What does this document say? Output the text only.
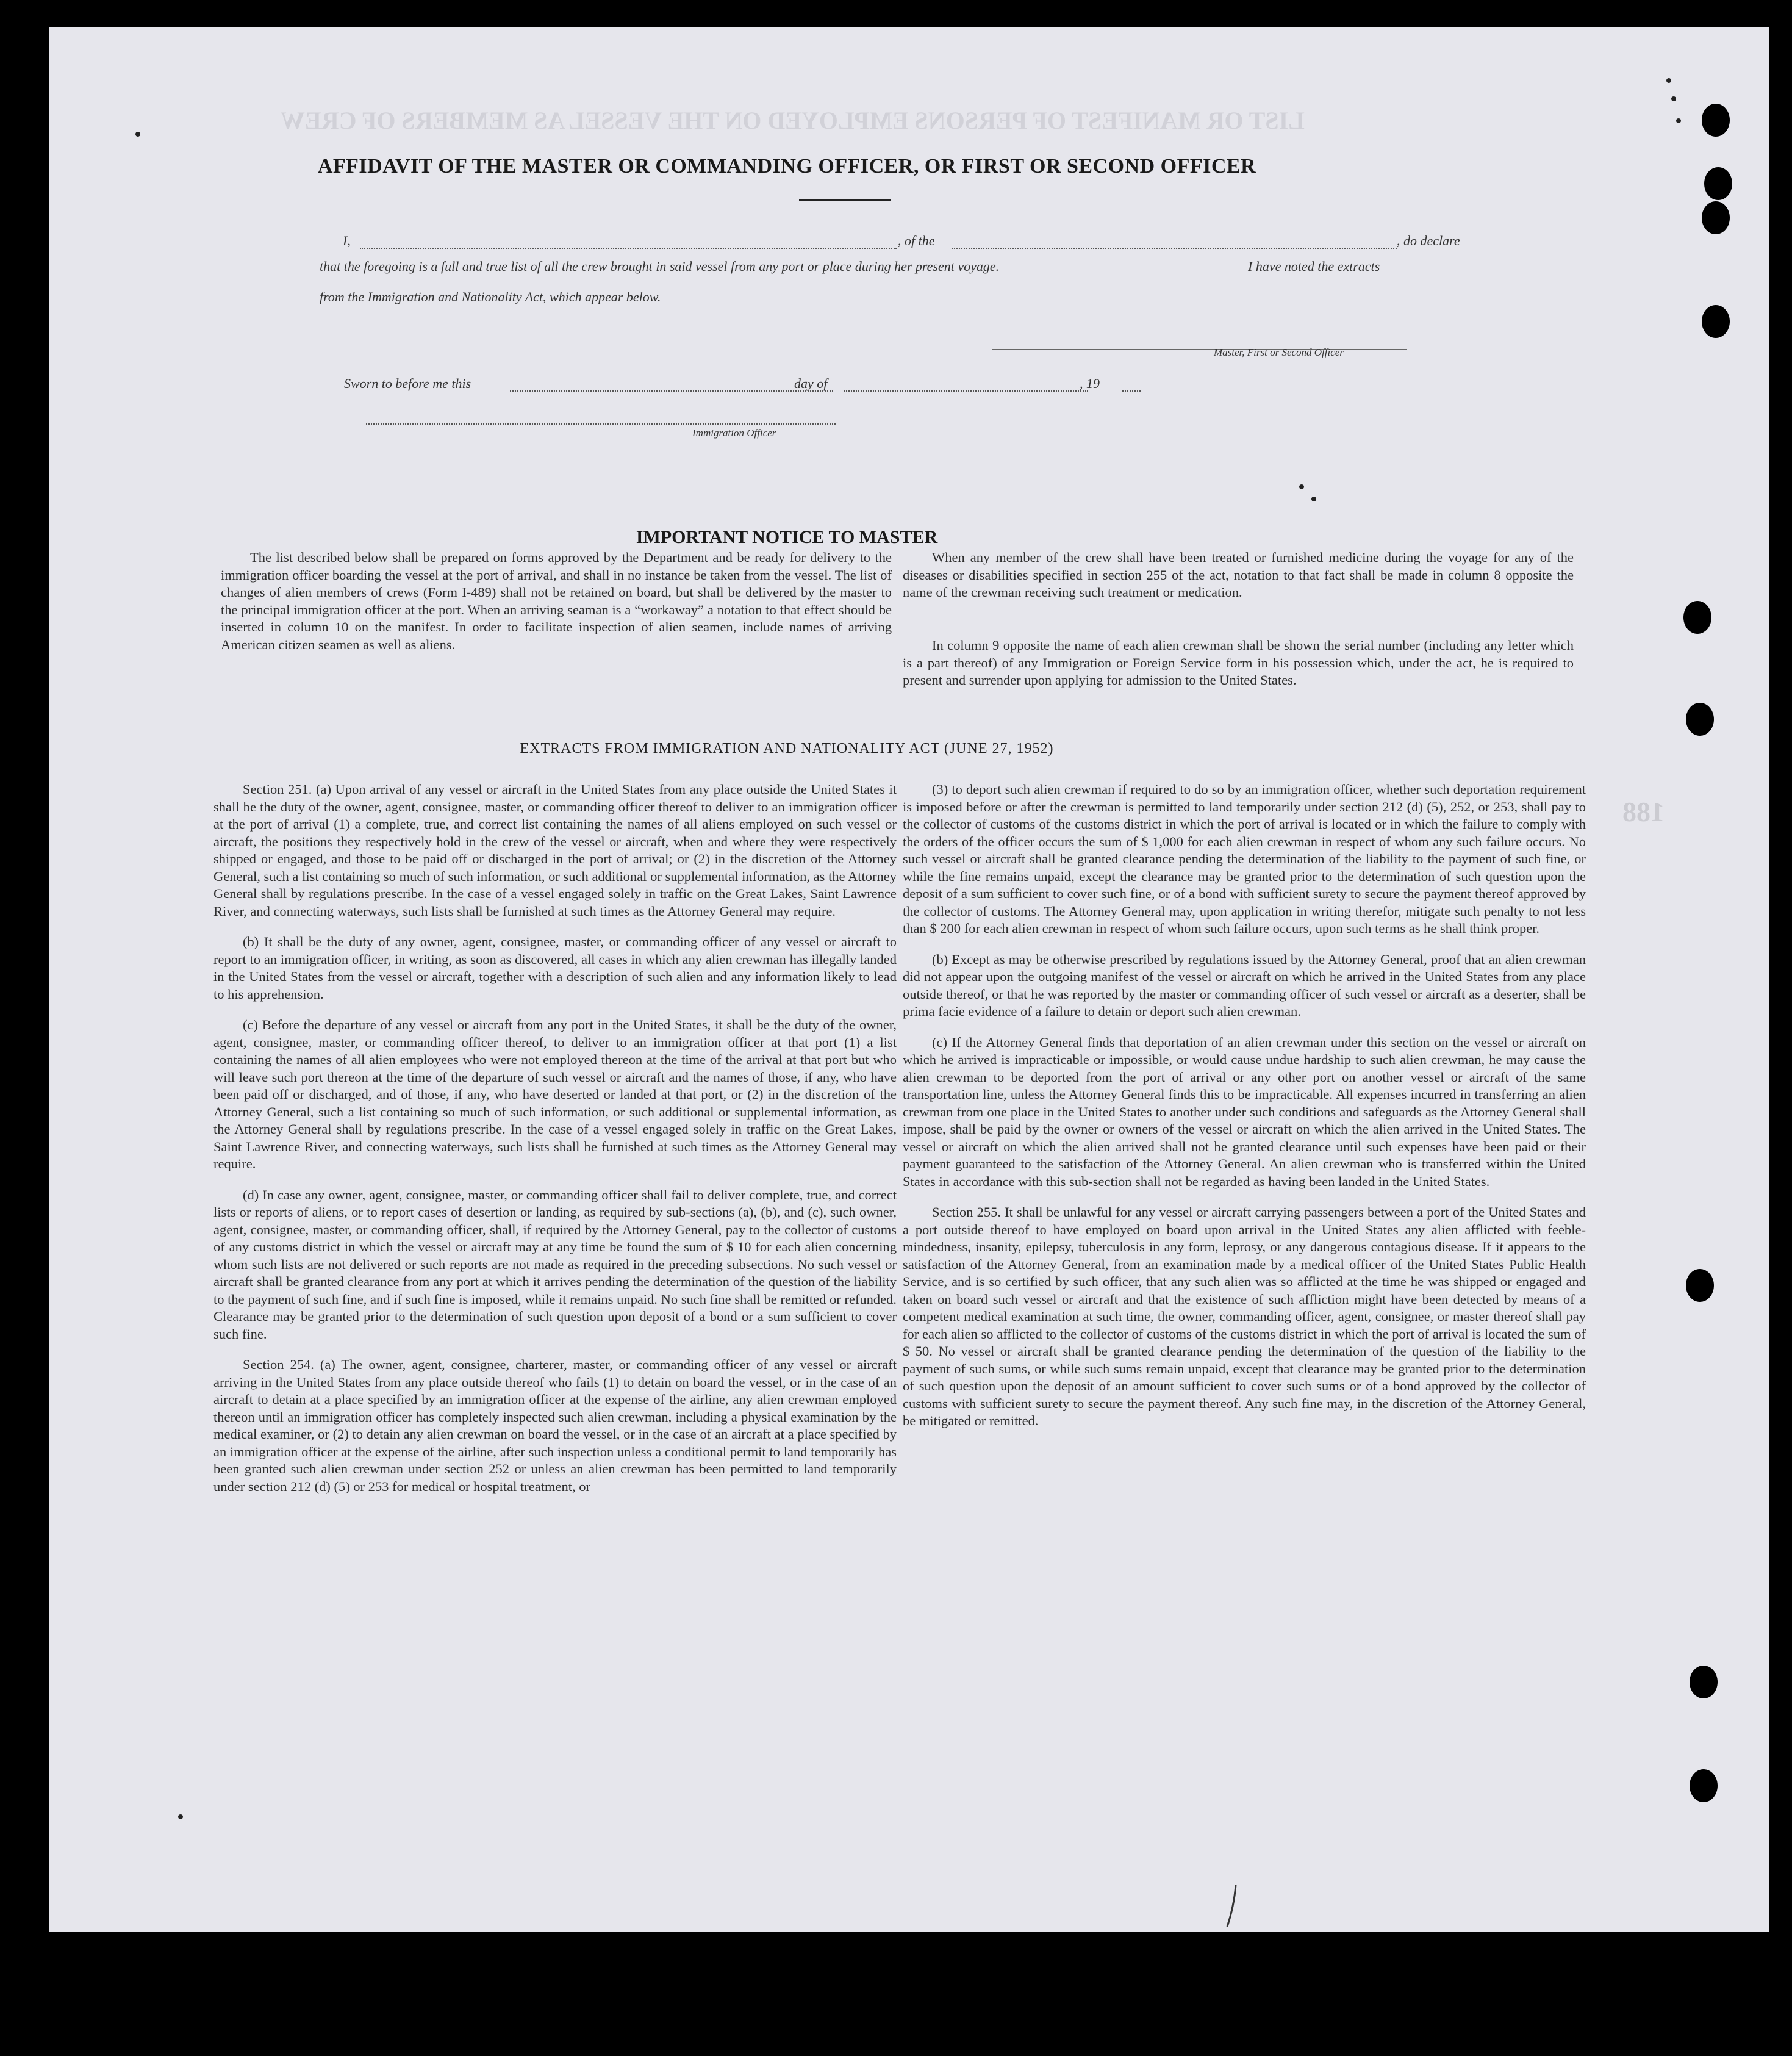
LIST OR MANIFEST OF PERSONS EMPLOYED ON THE VESSEL AS MEMBERS OF CREW
188
AFFIDAVIT OF THE MASTER OR COMMANDING OFFICER, OR FIRST OR SECOND OFFICER
I,	, of the	, do declare
that the foregoing is a full and true list of all the crew brought in said vessel from any port or place during her present voyage.	I have noted the extracts
from the Immigration and Nationality Act, which appear below.
Master, First or Second Officer
Sworn to before me this	day of	, 19
Immigration Officer
IMPORTANT NOTICE TO MASTER

The list described below shall be prepared on forms approved by the Department and be ready for delivery to the immigration officer boarding the vessel at the port of arrival, and shall in no instance be taken from the vessel. The list of changes of alien members of crews (Form I-489) shall not be retained on board, but shall be delivered by the master to the principal immigration officer at the port. When an arriving seaman is a “workaway” a notation to that effect should be inserted in column 10 on the manifest. In order to facilitate inspection of alien seamen, include names of arriving American citizen seamen as well as aliens.

When any member of the crew shall have been treated or furnished medicine during the voyage for any of the diseases or disabilities specified in section 255 of the act, notation to that fact shall be made in column 8 opposite the name of the crewman receiving such treatment or medication.

In column 9 opposite the name of each alien crewman shall be shown the serial number (including any letter which is a part thereof) of any Immigration or Foreign Service form in his possession which, under the act, he is required to present and surrender upon applying for admission to the United States.

EXTRACTS FROM IMMIGRATION AND NATIONALITY ACT (JUNE 27, 1952)

Section 251. (a) Upon arrival of any vessel or aircraft in the United States from any place outside the United States it shall be the duty of the owner, agent, consignee, master, or commanding officer thereof to deliver to an immigration officer at the port of arrival (1) a complete, true, and correct list containing the names of all aliens employed on such vessel or aircraft, the positions they respectively hold in the crew of the vessel or aircraft, when and where they were respectively shipped or engaged, and those to be paid off or discharged in the port of arrival; or (2) in the discretion of the Attorney General, such a list containing so much of such information, or such additional or supplemental information, as the Attorney General shall by regulations prescribe. In the case of a vessel engaged solely in traffic on the Great Lakes, Saint Lawrence River, and connecting waterways, such lists shall be furnished at such times as the Attorney General may require.

(b) It shall be the duty of any owner, agent, consignee, master, or commanding officer of any vessel or aircraft to report to an immigration officer, in writing, as soon as discovered, all cases in which any alien crewman has illegally landed in the United States from the vessel or aircraft, together with a description of such alien and any information likely to lead to his apprehension.

(c) Before the departure of any vessel or aircraft from any port in the United States, it shall be the duty of the owner, agent, consignee, master, or commanding officer thereof, to deliver to an immigration officer at that port (1) a list containing the names of all alien employees who were not employed thereon at the time of the arrival at that port but who will leave such port thereon at the time of the departure of such vessel or aircraft and the names of those, if any, who have been paid off or discharged, and of those, if any, who have deserted or landed at that port, or (2) in the discretion of the Attorney General, such a list containing so much of such information, or such additional or supplemental information, as the Attorney General shall by regulations prescribe. In the case of a vessel engaged solely in traffic on the Great Lakes, Saint Lawrence River, and connecting waterways, such lists shall be furnished at such times as the Attorney General may require.

(d) In case any owner, agent, consignee, master, or commanding officer shall fail to deliver complete, true, and correct lists or reports of aliens, or to report cases of desertion or landing, as required by sub-sections (a), (b), and (c), such owner, agent, consignee, master, or commanding officer, shall, if required by the Attorney General, pay to the collector of customs of any customs district in which the vessel or aircraft may at any time be found the sum of $ 10 for each alien concerning whom such lists are not delivered or such reports are not made as required in the preceding subsections. No such vessel or aircraft shall be granted clearance from any port at which it arrives pending the determination of the question of the liability to the payment of such fine, and if such fine is imposed, while it remains unpaid. No such fine shall be remitted or refunded. Clearance may be granted prior to the determination of such question upon deposit of a bond or a sum sufficient to cover such fine.

Section 254. (a) The owner, agent, consignee, charterer, master, or commanding officer of any vessel or aircraft arriving in the United States from any place outside thereof who fails (1) to detain on board the vessel, or in the case of an aircraft to detain at a place specified by an immigration officer at the expense of the airline, any alien crewman employed thereon until an immigration officer has completely inspected such alien crewman, including a physical examination by the medical examiner, or (2) to detain any alien crewman on board the vessel, or in the case of an aircraft at a place specified by an immigration officer at the expense of the airline, after such inspection unless a conditional permit to land temporarily has been granted such alien crewman under section 252 or unless an alien crewman has been permitted to land temporarily under section 212 (d) (5) or 253 for medical or hospital treatment, or

(3) to deport such alien crewman if required to do so by an immigration officer, whether such deportation requirement is imposed before or after the crewman is permitted to land temporarily under section 212 (d) (5), 252, or 253, shall pay to the collector of customs of the customs district in which the port of arrival is located or in which the failure to comply with the orders of the officer occurs the sum of $ 1,000 for each alien crewman in respect of whom any such failure occurs. No such vessel or aircraft shall be granted clearance pending the determination of the liability to the payment of such fine, or while the fine remains unpaid, except the clearance may be granted prior to the determination of such question upon the deposit of a sum sufficient to cover such fine, or of a bond with sufficient surety to secure the payment thereof approved by the collector of customs. The Attorney General may, upon application in writing therefor, mitigate such penalty to not less than $ 200 for each alien crewman in respect of whom such failure occurs, upon such terms as he shall think proper.

(b) Except as may be otherwise prescribed by regulations issued by the Attorney General, proof that an alien crewman did not appear upon the outgoing manifest of the vessel or aircraft on which he arrived in the United States from any place outside thereof, or that he was reported by the master or commanding officer of such vessel or aircraft as a deserter, shall be prima facie evidence of a failure to detain or deport such alien crewman.

(c) If the Attorney General finds that deportation of an alien crewman under this section on the vessel or aircraft on which he arrived is impracticable or impossible, or would cause undue hardship to such alien crewman, he may cause the alien crewman to be deported from the port of arrival or any other port on another vessel or aircraft of the same transportation line, unless the Attorney General finds this to be impracticable. All expenses incurred in transferring an alien crewman from one place in the United States to another under such conditions and safeguards as the Attorney General shall impose, shall be paid by the owner or owners of the vessel or aircraft on which the alien arrived in the United States. The vessel or aircraft on which the alien arrived shall not be granted clearance until such expenses have been paid or their payment guaranteed to the satisfaction of the Attorney General. An alien crewman who is transferred within the United States in accordance with this sub-section shall not be regarded as having been landed in the United States.

Section 255. It shall be unlawful for any vessel or aircraft carrying passengers between a port of the United States and a port outside thereof to have employed on board upon arrival in the United States any alien afflicted with feeble-mindedness, insanity, epilepsy, tuberculosis in any form, leprosy, or any dangerous contagious disease. If it appears to the satisfaction of the Attorney General, from an examination made by a medical officer of the United States Public Health Service, and is so certified by such officer, that any such alien was so afflicted at the time he was shipped or engaged and taken on board such vessel or aircraft and that the existence of such affliction might have been detected by means of a competent medical examination at such time, the owner, commanding officer, agent, consignee, or master thereof shall pay for each alien so afflicted to the collector of customs of the customs district in which the port of arrival is located the sum of $ 50. No vessel or aircraft shall be granted clearance pending the determination of the question of the liability to the payment of such sums, or while such sums remain unpaid, except that clearance may be granted prior to the determination of such question upon the deposit of an amount sufficient to cover such sums or of a bond approved by the collector of customs with sufficient surety to secure the payment thereof. Any such fine may, in the discretion of the Attorney General, be mitigated or remitted.
